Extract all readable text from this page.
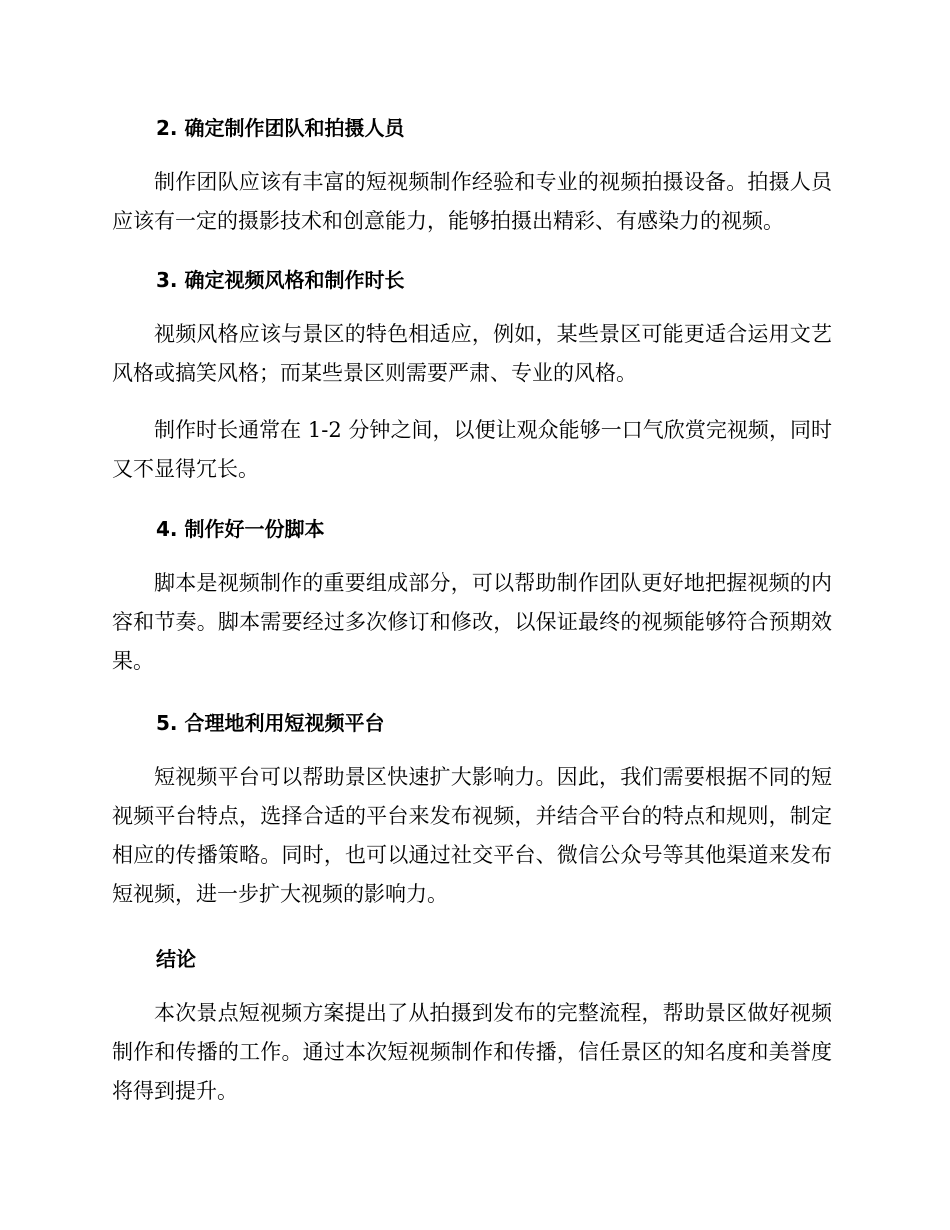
2. 确定制作团队和拍摄人员
制作团队应该有丰富的短视频制作经验和专业的视频拍摄设备。拍摄人员应该有一定的摄影技术和创意能力，能够拍摄出精彩、有感染力的视频。
3. 确定视频风格和制作时长
视频风格应该与景区的特色相适应，例如，某些景区可能更适合运用文艺风格或搞笑风格；而某些景区则需要严肃、专业的风格。
制作时长通常在 1-2 分钟之间，以便让观众能够一口气欣赏完视频，同时又不显得冗长。
4. 制作好一份脚本
脚本是视频制作的重要组成部分，可以帮助制作团队更好地把握视频的内容和节奏。脚本需要经过多次修订和修改，以保证最终的视频能够符合预期效果。
5. 合理地利用短视频平台
短视频平台可以帮助景区快速扩大影响力。因此，我们需要根据不同的短视频平台特点，选择合适的平台来发布视频，并结合平台的特点和规则，制定相应的传播策略。同时，也可以通过社交平台、微信公众号等其他渠道来发布短视频，进一步扩大视频的影响力。
结论
本次景点短视频方案提出了从拍摄到发布的完整流程，帮助景区做好视频制作和传播的工作。通过本次短视频制作和传播，信任景区的知名度和美誉度将得到提升。
